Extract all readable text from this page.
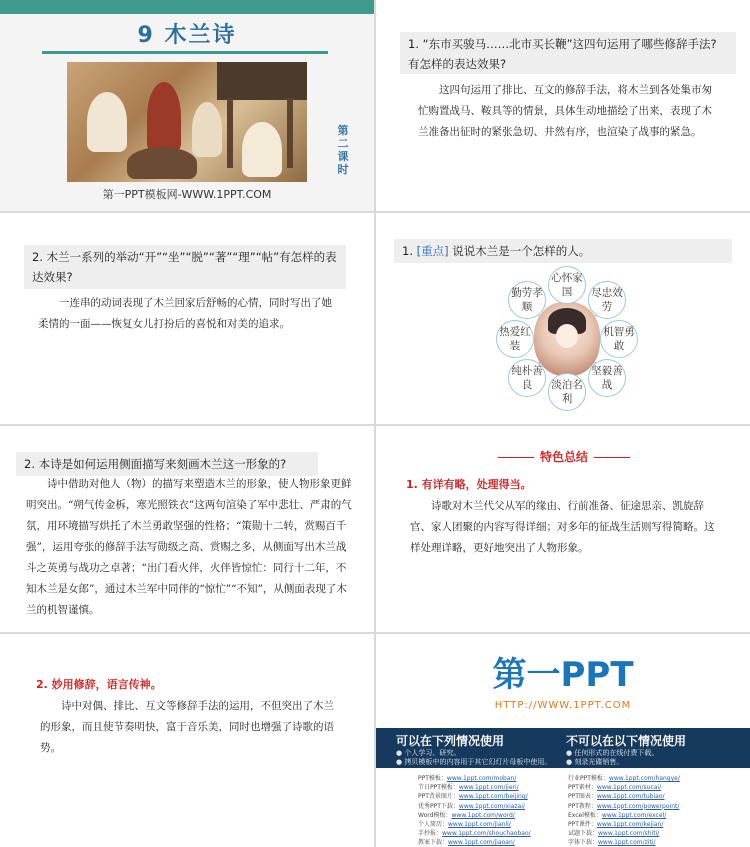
9 木兰诗
第二课时
第一PPT模板网-WWW.1PPT.COM
1. “东市买骏马……北市买长鞭”这四句运用了哪些修辞手法?有怎样的表达效果?
这四句运用了排比、互文的修辞手法，将木兰到各处集市匆忙购置战马、鞍具等的情景，具体生动地描绘了出来，表现了木兰准备出征时的紧张急切、井然有序，也渲染了战事的紧急。
2. 木兰一系列的举动“开”“坐”“脱”“著”“理”“帖”有怎样的表达效果?
一连串的动词表现了木兰回家后舒畅的心情，同时写出了她柔情的一面——恢复女儿打扮后的喜悦和对美的追求。
1. [重点] 说说木兰是一个怎样的人。
心怀家国	尽忠效劳
机智勇敢
坚毅善战
淡泊名利
纯朴善良
热爱红装
勤劳孝顺
2. 本诗是如何运用侧面描写来刻画木兰这一形象的?
诗中借助对他人（物）的描写来塑造木兰的形象，使人物形象更鲜明突出。“朔气传金柝，寒光照铁衣”这两句渲染了军中悲壮、严肃的气氛，用环境描写烘托了木兰勇敢坚强的性格；“策勋十二转，赏赐百千强”，运用夸张的修辞手法写勋级之高、赏赐之多，从侧面写出木兰战斗之英勇与战功之卓著；“出门看火伴，火伴皆惊忙：同行十二年，不知木兰是女郎”，通过木兰军中同伴的“惊忙”“不知”，从侧面表现了木兰的机智谨慎。
特色总结
1. 有详有略，处理得当。
诗歌对木兰代父从军的缘由、行前准备、征途思亲、凯旋辞官、家人团聚的内容写得详细；对多年的征战生活则写得简略。这样处理详略，更好地突出了人物形象。
2. 妙用修辞，语言传神。
诗中对偶、排比、互文等修辞手法的运用，不但突出了木兰的形象，而且使节奏明快，富于音乐美，同时也增强了诗歌的语势。
第一PPT
HTTP://WWW.1PPT.COM
可以在下列情况使用
● 个人学习、研究。
● 拷贝模板中的内容用于其它幻灯片母板中使用。
不可以在以下情况使用
● 任何形式的在线付费下载。
● 刻录光碟销售。
PPT模板：www.1ppt.com/moban/
节日PPT模板：www.1ppt.com/jieri/
PPT背景图片：www.1ppt.com/beijing/
优秀PPT下载：www.1ppt.com/xiazai/
Word模板：www.1ppt.com/word/
个人简历：www.1ppt.com/jianli/
手抄报：www.1ppt.com/shouchaobao/
教案下载：www.1ppt.com/jiaoan/
行业PPT模板：www.1ppt.com/hangye/
PPT素材：www.1ppt.com/sucai/
PPT图表：www.1ppt.com/tubiao/
PPT教程：www.1ppt.com/powerpoint/
Excel模板：www.1ppt.com/excel/
PPT课件：www.1ppt.com/kejian/
试题下载：www.1ppt.com/shiti/
字体下载：www.1ppt.com/ziti/
